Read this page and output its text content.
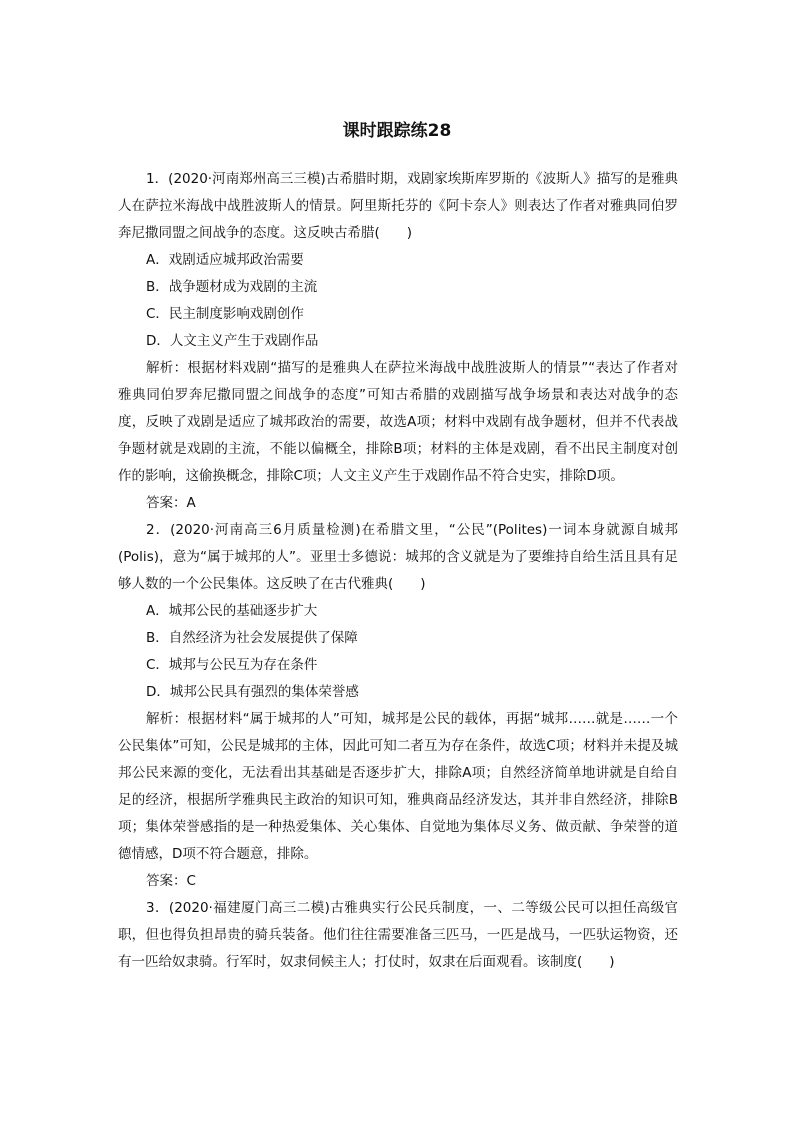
课时跟踪练28

1．(2020·河南郑州高三三模)古希腊时期，戏剧家埃斯库罗斯的《波斯人》描写的是雅典人在萨拉米海战中战胜波斯人的情景。阿里斯托芬的《阿卡奈人》则表达了作者对雅典同伯罗奔尼撒同盟之间战争的态度。这反映古希腊(　　)

A．戏剧适应城邦政治需要

B．战争题材成为戏剧的主流

C．民主制度影响戏剧创作

D．人文主义产生于戏剧作品

解析：根据材料戏剧“描写的是雅典人在萨拉米海战中战胜波斯人的情景”“表达了作者对雅典同伯罗奔尼撒同盟之间战争的态度”可知古希腊的戏剧描写战争场景和表达对战争的态度，反映了戏剧是适应了城邦政治的需要，故选A项；材料中戏剧有战争题材，但并不代表战争题材就是戏剧的主流，不能以偏概全，排除B项；材料的主体是戏剧，看不出民主制度对创作的影响，这偷换概念，排除C项；人文主义产生于戏剧作品不符合史实，排除D项。

答案：A

2．(2020·河南高三6月质量检测)在希腊文里，“公民”(Polites)一词本身就源自城邦(Polis)，意为“属于城邦的人”。亚里士多德说：城邦的含义就是为了要维持自给生活且具有足够人数的一个公民集体。这反映了在古代雅典(　　)

A．城邦公民的基础逐步扩大

B．自然经济为社会发展提供了保障

C．城邦与公民互为存在条件

D．城邦公民具有强烈的集体荣誉感

解析：根据材料“属于城邦的人”可知，城邦是公民的载体，再据“城邦……就是……一个公民集体”可知，公民是城邦的主体，因此可知二者互为存在条件，故选C项；材料并未提及城邦公民来源的变化，无法看出其基础是否逐步扩大，排除A项；自然经济简单地讲就是自给自足的经济，根据所学雅典民主政治的知识可知，雅典商品经济发达，其并非自然经济，排除B项；集体荣誉感指的是一种热爱集体、关心集体、自觉地为集体尽义务、做贡献、争荣誉的道德情感，D项不符合题意，排除。

答案：C

3．(2020·福建厦门高三二模)古雅典实行公民兵制度，一、二等级公民可以担任高级官职，但也得负担昂贵的骑兵装备。他们往往需要准备三匹马，一匹是战马，一匹驮运物资，还有一匹给奴隶骑。行军时，奴隶伺候主人；打仗时，奴隶在后面观看。该制度(　　)
